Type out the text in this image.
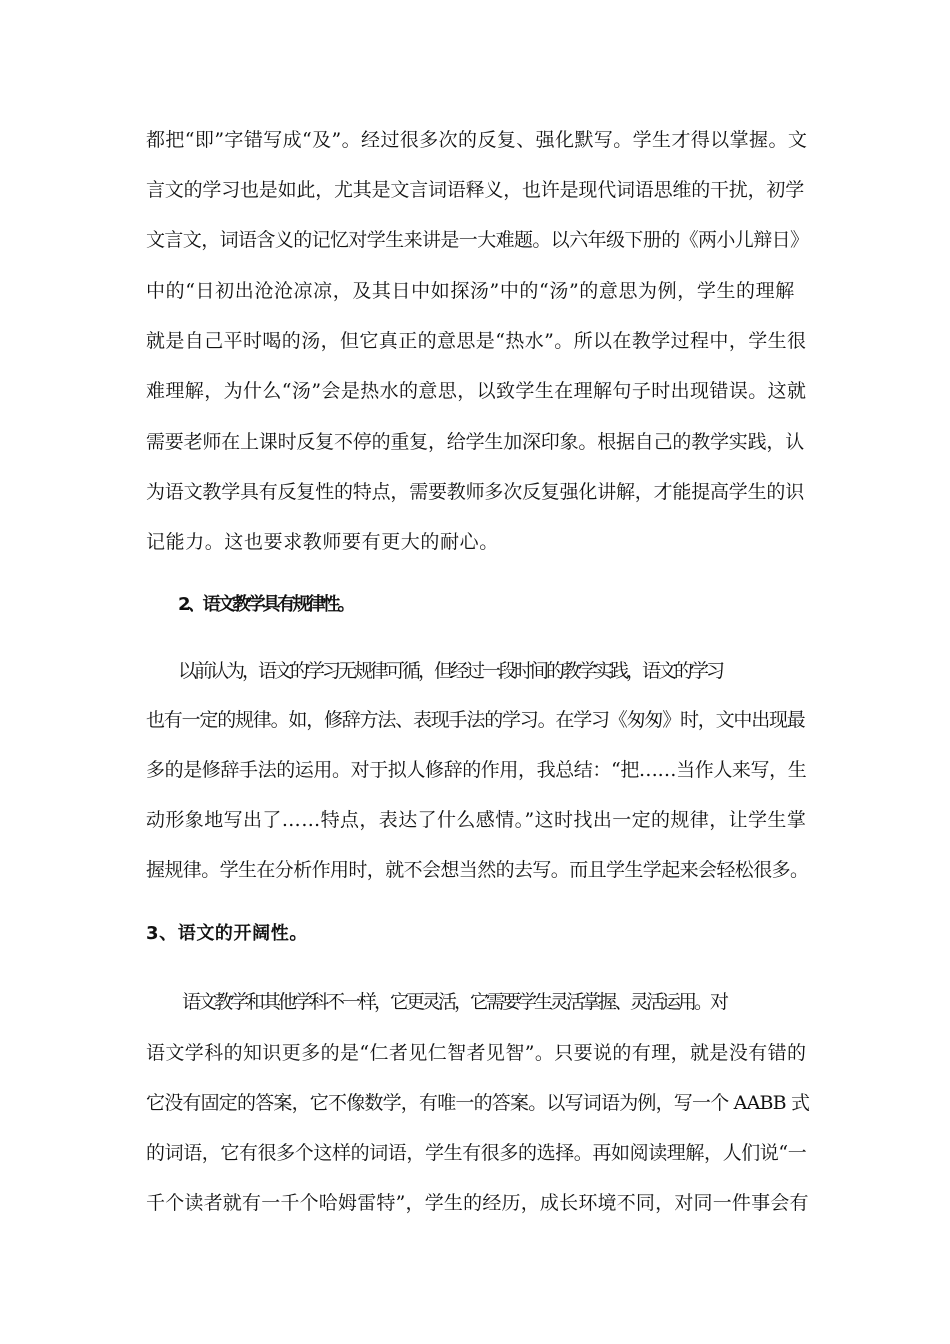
都把“即”字错写成“及”。经过很多次的反复、强化默写。学生才得以掌握。文
言文的学习也是如此，尤其是文言词语释义，也许是现代词语思维的干扰，初学
文言文，词语含义的记忆对学生来讲是一大难题。以六年级下册的《两小儿辩日》
中的“日初出沧沧凉凉，及其日中如探汤”中的“汤”的意思为例，学生的理解
就是自己平时喝的汤，但它真正的意思是“热水”。所以在教学过程中，学生很
难理解，为什么“汤”会是热水的意思，以致学生在理解句子时出现错误。这就
需要老师在上课时反复不停的重复，给学生加深印象。根据自己的教学实践，认
为语文教学具有反复性的特点，需要教师多次反复强化讲解，才能提高学生的识
记能力。这也要求教师要有更大的耐心。
2、语文教学具有规律性。
以前认为，语文的学习无规律可循，但经过一段时间的教学实践，语文的学习
也有一定的规律。如，修辞方法、表现手法的学习。在学习《匆匆》时，文中出现最
多的是修辞手法的运用。对于拟人修辞的作用，我总结：“把……当作人来写，生
动形象地写出了……特点，表达了什么感情。”这时找出一定的规律，让学生掌
握规律。学生在分析作用时，就不会想当然的去写。而且学生学起来会轻松很多。
3、语文的开阔性。
语文教学和其他学科不一样，它更灵活，它需要学生灵活掌握、灵活运用。对
语文学科的知识更多的是“仁者见仁智者见智”。只要说的有理，就是没有错的
它没有固定的答案，它不像数学，有唯一的答案。以写词语为例，写一个 AABB 式
的词语，它有很多个这样的词语，学生有很多的选择。再如阅读理解，人们说“一
千个读者就有一千个哈姆雷特”，学生的经历，成长环境不同，对同一件事会有
